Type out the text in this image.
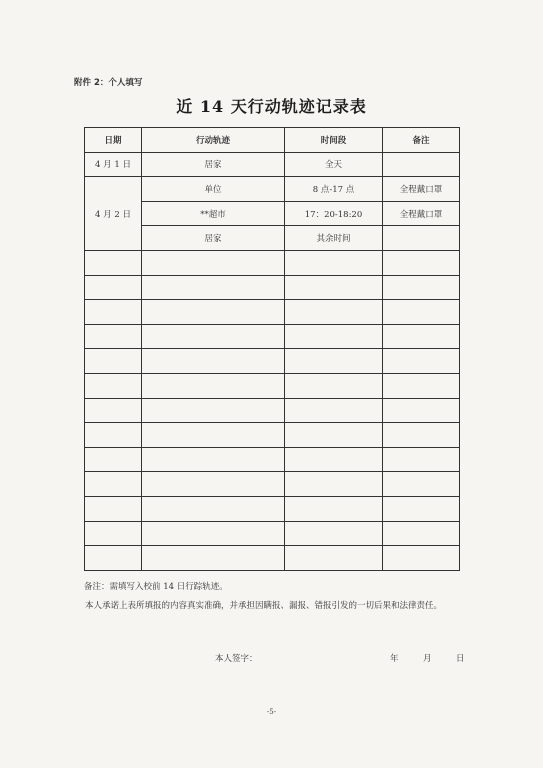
附件 2：个人填写
近 14 天行动轨迹记录表
日期	行动轨迹	时间段	备注
4 月 1 日	居家	全天	
4 月 2 日	单位	8 点-17 点	全程戴口罩
	**超市	17：20-18:20	全程戴口罩
	居家	其余时间	

备注：需填写入校前 14 日行踪轨迹。
本人承诺上表所填报的内容真实准确，并承担因瞒报、漏报、错报引发的一切后果和法律责任。
本人签字：	年	月	日
-5-
